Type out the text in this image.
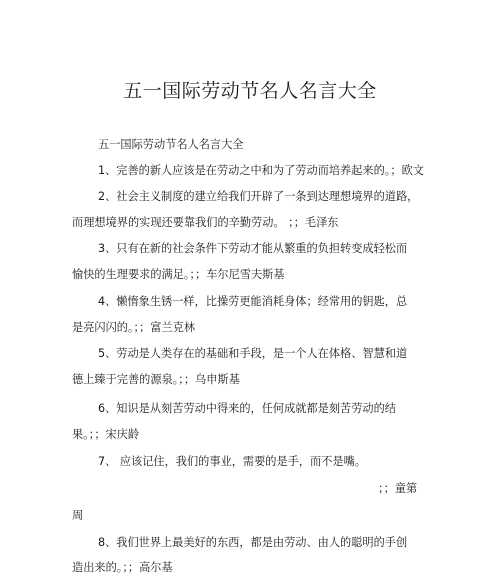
五一国际劳动节名人名言大全
五一国际劳动节名人名言大全
1、完善的新人应该是在劳动之中和为了劳动而培养起来的。；欧文
2、社会主义制度的建立给我们开辟了一条到达理想境界的道路，
而理想境界的实现还要靠我们的辛勤劳动。 ；；毛泽东
3、只有在新的社会条件下劳动才能从繁重的负担转变成轻松而
愉快的生理要求的满足。；；车尔尼雪夫斯基
4、懒惰象生锈一样，比操劳更能消耗身体；经常用的钥匙，总
是亮闪闪的。；；富兰克林
5、劳动是人类存在的基础和手段，是一个人在体格、智慧和道
德上臻于完善的源泉。；；乌申斯基
6、知识是从刻苦劳动中得来的，任何成就都是刻苦劳动的结
果。；；宋庆龄
7、 应该记住，我们的事业，需要的是手，而不是嘴。
；；童第
周
8、我们世界上最美好的东西，都是由劳动、由人的聪明的手创
造出来的。；；高尔基
